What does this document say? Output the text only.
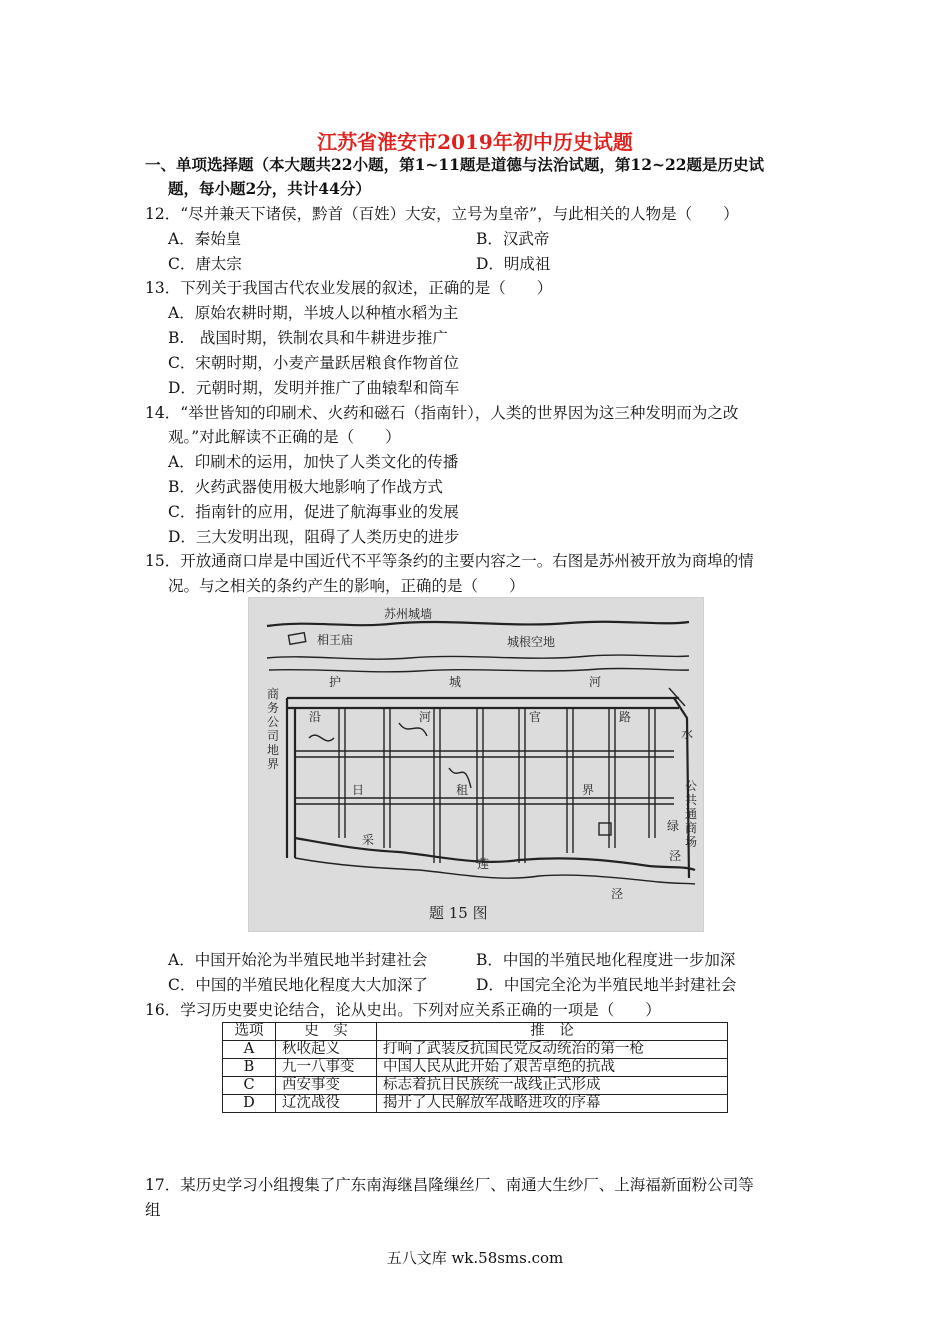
江苏省淮安市2019年初中历史试题
一、单项选择题（本大题共22小题，第1~11题是道德与法治试题，第12~22题是历史试
题，每小题2分，共计44分）
12．“尽并兼天下诸侯，黔首（百姓）大安，立号为皇帝”，与此相关的人物是（　　）
A．秦始皇	B．汉武帝
C．唐太宗	D．明成祖
13．下列关于我国古代农业发展的叙述，正确的是（　　）
A．原始农耕时期，半坡人以种植水稻为主
B.　战国时期，铁制农具和牛耕进步推广
C．宋朝时期，小麦产量跃居粮食作物首位
D．元朝时期，发明并推广了曲辕犁和筒车
14．“举世皆知的印刷术、火药和磁石（指南针），人类的世界因为这三种发明而为之改
观。”对此解读不正确的是（　　）
A．印刷术的运用，加快了人类文化的传播
B．火药武器使用极大地影响了作战方式
C．指南针的应用，促进了航海事业的发展
D．三大发明出现，阻碍了人类历史的进步
15．开放通商口岸是中国近代不平等条约的主要内容之一。右图是苏州被开放为商埠的情
况。与之相关的条约产生的影响，正确的是（　　）
苏州城墙
相王庙	城根空地
护	城	河
沿	河	官	路
商
务
公
司
地
界
水
绿
泾
公
共
通
商
场
日	租	界
采
莲
泾
题 15 图
A．中国开始沦为半殖民地半封建社会	B．中国的半殖民地化程度进一步加深
C．中国的半殖民地化程度大大加深了	D．中国完全沦为半殖民地半封建社会
16．学习历史要史论结合，论从史出。下列对应关系正确的一项是（　　）
选项	史　实	推　论
A	秋收起义	打响了武装反抗国民党反动统治的第一枪
B	九一八事变	中国人民从此开始了艰苦卓绝的抗战
C	西安事变	标志着抗日民族统一战线正式形成
D	辽沈战役	揭开了人民解放军战略进攻的序幕
17．某历史学习小组搜集了广东南海继昌隆缫丝厂、南通大生纱厂、上海福新面粉公司等
组
五八文库 wk.58sms.com
